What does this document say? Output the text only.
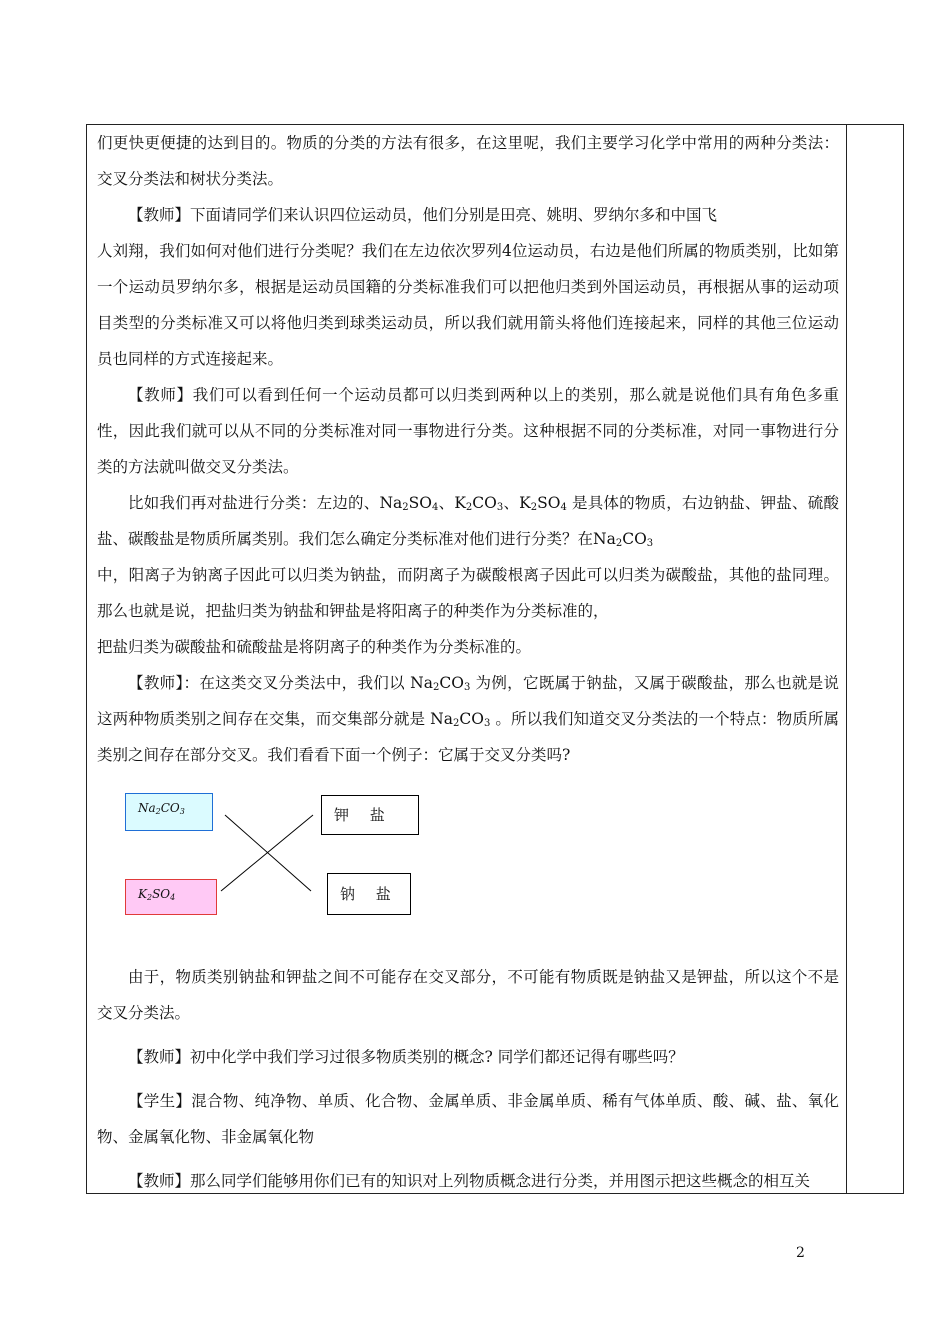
们更快更便捷的达到目的。物质的分类的方法有很多，在这里呢，我们主要学习化学中常用的两种分类法：交叉分类法和树状分类法。

【教师】下面请同学们来认识四位运动员，他们分别是田亮、姚明、罗纳尔多和中国飞

人刘翔，我们如何对他们进行分类呢？我们在左边依次罗列4位运动员，右边是他们所属的物质类别，比如第一个运动员罗纳尔多，根据是运动员国籍的分类标准我们可以把他归类到外国运动员，再根据从事的运动项目类型的分类标准又可以将他归类到球类运动员，所以我们就用箭头将他们连接起来，同样的其他三位运动员也同样的方式连接起来。

【教师】我们可以看到任何一个运动员都可以归类到两种以上的类别，那么就是说他们具有角色多重性，因此我们就可以从不同的分类标准对同一事物进行分类。这种根据不同的分类标准，对同一事物进行分类的方法就叫做交叉分类法。

比如我们再对盐进行分类：左边的、$Na_2SO_4$、$K_2CO_3$、$K_2SO_4$ 是具体的物质，右边钠盐、钾盐、硫酸盐、碳酸盐是物质所属类别。我们怎么确定分类标准对他们进行分类？在$Na_2CO_3$

中，阳离子为钠离子因此可以归类为钠盐，而阴离子为碳酸根离子因此可以归类为碳酸盐，其他的盐同理。那么也就是说，把盐归类为钠盐和钾盐是将阳离子的种类作为分类标准的，

把盐归类为碳酸盐和硫酸盐是将阴离子的种类作为分类标准的。

【教师】：在这类交叉分类法中，我们以 $Na_2CO_3$ 为例，它既属于钠盐，又属于碳酸盐，那么也就是说这两种物质类别之间存在交集，而交集部分就是 $Na_2CO_3$ 。所以我们知道交叉分类法的一个特点：物质所属类别之间存在部分交叉。我们看看下面一个例子：它属于交叉分类吗?

$Na_2CO_3$
$K_2SO_4$
钾 盐
钠 盐

由于，物质类别钠盐和钾盐之间不可能存在交叉部分，不可能有物质既是钠盐又是钾盐，所以这个不是交叉分类法。

【教师】初中化学中我们学习过很多物质类别的概念? 同学们都还记得有哪些吗？

【学生】混合物、纯净物、单质、化合物、金属单质、非金属单质、稀有气体单质、酸、碱、盐、氧化物、金属氧化物、非金属氧化物

【教师】那么同学们能够用你们已有的知识对上列物质概念进行分类，并用图示把这些概念的相互关

2
